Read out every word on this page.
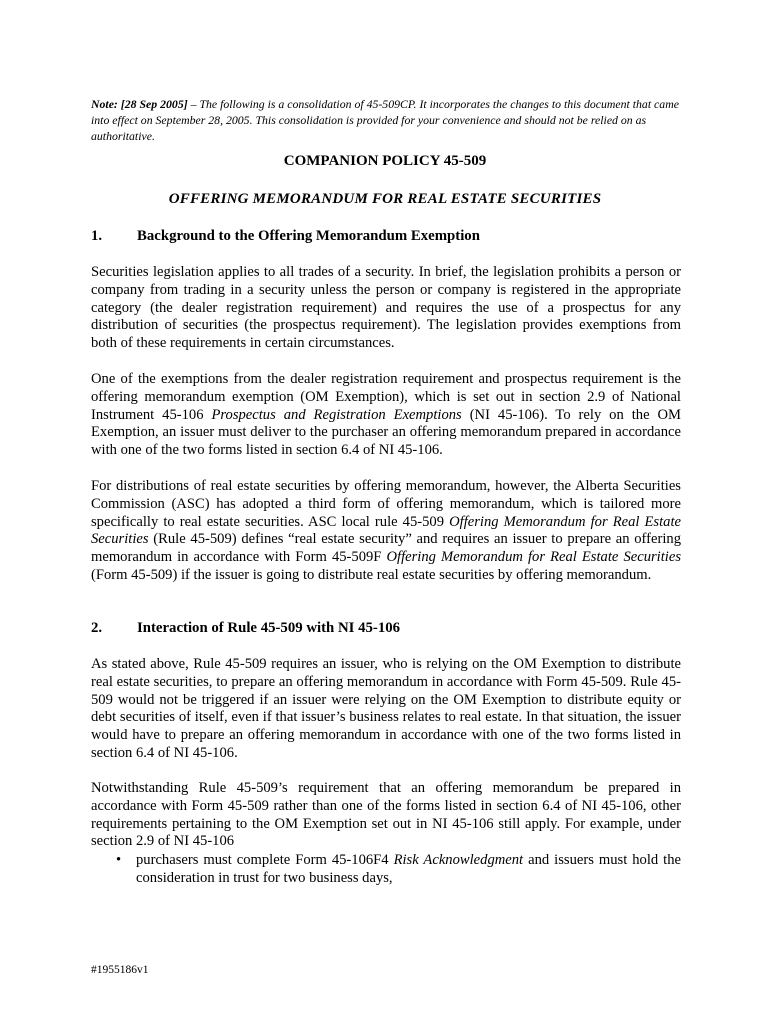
Note: [28 Sep 2005] – The following is a consolidation of 45-509CP. It incorporates the changes to this document that came into effect on September 28, 2005. This consolidation is provided for your convenience and should not be relied on as authoritative.
COMPANION POLICY 45-509
OFFERING MEMORANDUM FOR REAL ESTATE SECURITIES
1. Background to the Offering Memorandum Exemption
Securities legislation applies to all trades of a security. In brief, the legislation prohibits a person or company from trading in a security unless the person or company is registered in the appropriate category (the dealer registration requirement) and requires the use of a prospectus for any distribution of securities (the prospectus requirement). The legislation provides exemptions from both of these requirements in certain circumstances.
One of the exemptions from the dealer registration requirement and prospectus requirement is the offering memorandum exemption (OM Exemption), which is set out in section 2.9 of National Instrument 45-106 Prospectus and Registration Exemptions (NI 45-106). To rely on the OM Exemption, an issuer must deliver to the purchaser an offering memorandum prepared in accordance with one of the two forms listed in section 6.4 of NI 45-106.
For distributions of real estate securities by offering memorandum, however, the Alberta Securities Commission (ASC) has adopted a third form of offering memorandum, which is tailored more specifically to real estate securities. ASC local rule 45-509 Offering Memorandum for Real Estate Securities (Rule 45-509) defines “real estate security” and requires an issuer to prepare an offering memorandum in accordance with Form 45-509F Offering Memorandum for Real Estate Securities (Form 45-509) if the issuer is going to distribute real estate securities by offering memorandum.
2. Interaction of Rule 45-509 with NI 45-106
As stated above, Rule 45-509 requires an issuer, who is relying on the OM Exemption to distribute real estate securities, to prepare an offering memorandum in accordance with Form 45-509. Rule 45-509 would not be triggered if an issuer were relying on the OM Exemption to distribute equity or debt securities of itself, even if that issuer’s business relates to real estate. In that situation, the issuer would have to prepare an offering memorandum in accordance with one of the two forms listed in section 6.4 of NI 45-106.
Notwithstanding Rule 45-509’s requirement that an offering memorandum be prepared in accordance with Form 45-509 rather than one of the forms listed in section 6.4 of NI 45-106, other requirements pertaining to the OM Exemption set out in NI 45-106 still apply. For example, under section 2.9 of NI 45-106
• purchasers must complete Form 45-106F4 Risk Acknowledgment and issuers must hold the consideration in trust for two business days,
#1955186v1
